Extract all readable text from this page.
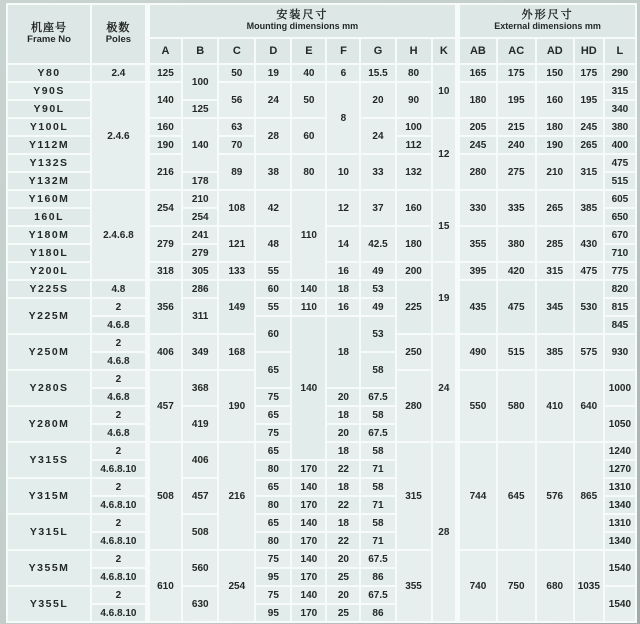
机座号
Frame No

极数
Poles

安装尺寸
Mounting dimensions mm

外形尺寸
External dimensions mm

		A	B	C	D	E	F	G	H	K	AB	AC	AD	HD	L
Y80	2.4	125	100	50	19	40	6	15.5	80	10	165	175	150	175	290
Y90S	2.4.6	140		56	24	50	8	20	90		180	195	160	195	315
Y90L			125												340
Y100L		160	140	63	28	60		24	100	12	205	215	180	245	380
Y112M		190		70					112		245	240	190	265	400
Y132S		216		89	38	80	10	33	132		280	275	210	315	475
Y132M			178												515
Y160M	2.4.6.8	254	210	108	42	110	12	37	160	15	330	335	265	385	605
160L			254												650
Y180M		279	241	121	48		14	42.5	180		355	380	285	430	670
Y180L			279												710
Y200L		318	305	133	55		16	49	200	19	395	420	315	475	775
Y225S	4.8	356	286	149	60	140	18	53	225		435	475	345	530	820
Y225M	2		311		55	110	16	49							815
	4.6.8				60	140	18	53							845
Y250M	2	406	349	168					250	24	490	515	385	575	930
	4.6.8				65			58							
Y280S	2	457	368	190					280		550	580	410	640	1000
	4.6.8				75		20	67.5							
Y280M	2		419		65		18	58							1050
	4.6.8				75		20	67.5							
Y315S	2	508	406	216	65		18	58	315	28	744	645	576	865	1240
	4.6.8.10				80	170	22	71							1270
Y315M	2		457		65	140	18	58							1310
	4.6.8.10				80	170	22	71							1340
Y315L	2		508		65	140	18	58							1310
	4.6.8.10				80	170	22	71							1340
Y355M	2	610	560	254	75	140	20	67.5	355		740	750	680	1035	1540
	4.6.8.10				95	170	25	86							
Y355L	2		630		75	140	20	67.5							1540
	4.6.8.10				95	170	25	86							
